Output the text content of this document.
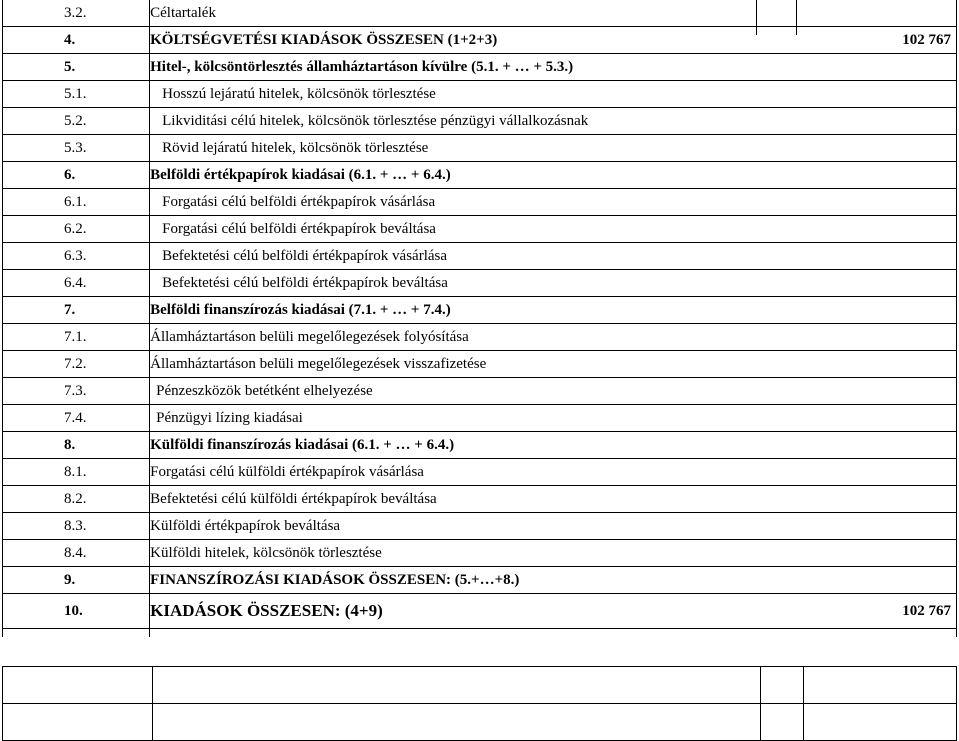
3.2.	Céltartalék		
4.	KÖLTSÉGVETÉSI KIADÁSOK ÖSSZESEN (1+2+3)		102 767
5.	Hitel-, kölcsöntörlesztés államháztartáson kívülre (5.1. + … + 5.3.)		
5.1.	Hosszú lejáratú hitelek, kölcsönök törlesztése		
5.2.	Likviditási célú hitelek, kölcsönök törlesztése pénzügyi vállalkozásnak		
5.3.	Rövid lejáratú hitelek, kölcsönök törlesztése		
6.	Belföldi értékpapírok kiadásai (6.1. + … + 6.4.)		
6.1.	Forgatási célú belföldi értékpapírok vásárlása		
6.2.	Forgatási célú belföldi értékpapírok beváltása		
6.3.	Befektetési célú belföldi értékpapírok vásárlása		
6.4.	Befektetési célú belföldi értékpapírok beváltása		
7.	Belföldi finanszírozás kiadásai (7.1. + … + 7.4.)		
7.1.	Államháztartáson belüli megelőlegezések folyósítása		
7.2.	Államháztartáson belüli megelőlegezések visszafizetése		
7.3.	Pénzeszközök betétként elhelyezése		
7.4.	Pénzügyi lízing kiadásai		
8.	Külföldi finanszírozás kiadásai (6.1. + … + 6.4.)		
8.1.	Forgatási célú külföldi értékpapírok vásárlása		
8.2.	Befektetési célú külföldi értékpapírok beváltása		
8.3.	Külföldi értékpapírok beváltása		
8.4.	Külföldi hitelek, kölcsönök törlesztése		
9.	FINANSZÍROZÁSI KIADÁSOK ÖSSZESEN: (5.+…+8.)		
10.	KIADÁSOK ÖSSZESEN: (4+9)		102 767
